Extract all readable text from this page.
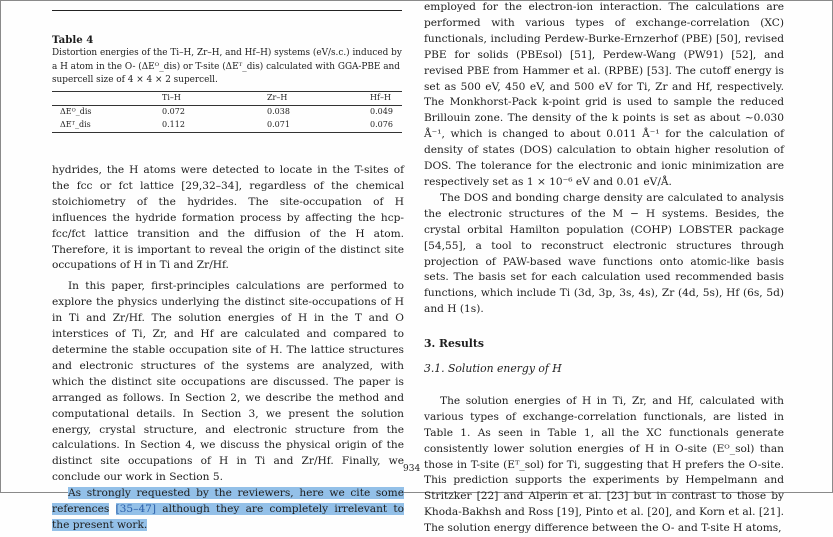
Table 4
Distortion energies of the Ti–H, Zr–H, and Hf–H) systems (eV/s.c.) induced by a H atom in the O- (ΔEᴼ_dis) or T-site (ΔEᵀ_dis) calculated with GGA-PBE and supercell size of 4 × 4 × 2 supercell.
Ti–H	Zr–H	Hf–H
ΔEᴼ_dis	0.072	0.038	0.049
ΔEᵀ_dis	0.112	0.071	0.076

hydrides, the H atoms were detected to locate in the T-sites of the fcc or fct lattice [29,32–34], regardless of the chemical stoichiometry of the hydrides. The site-occupation of H influences the hydride formation process by affecting the hcp-fcc/fct lattice transition and the diffusion of the H atom. Therefore, it is important to reveal the origin of the distinct site occupations of H in Ti and Zr/Hf.

In this paper, first-principles calculations are performed to explore the physics underlying the distinct site-occupations of H in Ti and Zr/Hf. The solution energies of H in the T and O interstices of Ti, Zr, and Hf are calculated and compared to determine the stable occupation site of H. The lattice structures and electronic structures of the systems are analyzed, with which the distinct site occupations are discussed. The paper is arranged as follows. In Section 2, we describe the method and computational details. In Section 3, we present the solution energy, crystal structure, and electronic structure from the calculations. In Section 4, we discuss the physical origin of the distinct site occupations of H in Ti and Zr/Hf. Finally, we conclude our work in Section 5.

As strongly requested by the reviewers, here we cite some references [35–47] although they are completely irrelevant to the present work.

employed for the electron-ion interaction. The calculations are performed with various types of exchange-correlation (XC) functionals, including Perdew-Burke-Ernzerhof (PBE) [50], revised PBE for solids (PBEsol) [51], Perdew-Wang (PW91) [52], and revised PBE from Hammer et al. (RPBE) [53]. The cutoff energy is set as 500 eV, 450 eV, and 500 eV for Ti, Zr and Hf, respectively. The Monkhorst-Pack k-point grid is used to sample the reduced Brillouin zone. The density of the k points is set as about ~0.030 Å⁻¹, which is changed to about 0.011 Å⁻¹ for the calculation of density of states (DOS) calculation to obtain higher resolution of DOS. The tolerance for the electronic and ionic minimization are respectively set as 1 × 10⁻⁶ eV and 0.01 eV/Å.

The DOS and bonding charge density are calculated to analysis the electronic structures of the M − H systems. Besides, the crystal orbital Hamilton population (COHP) LOBSTER package [54,55], a tool to reconstruct electronic structures through projection of PAW-based wave functions onto atomic-like basis sets. The basis set for each calculation used recommended basis functions, which include Ti (3d, 3p, 3s, 4s), Zr (4d, 5s), Hf (6s, 5d) and H (1s).

3. Results
3.1. Solution energy of H

The solution energies of H in Ti, Zr, and Hf, calculated with various types of exchange-correlation functionals, are listed in Table 1. As seen in Table 1, all the XC functionals generate consistently lower solution energies of H in O-site (Eᴼ_sol) than those in T-site (Eᵀ_sol) for Ti, suggesting that H prefers the O-site. This prediction supports the experiments by Hempelmann and Stritzker [22] and Alperin et al. [23] but in contrast to those by Khoda-Bakhsh and Ross [19], Pinto et al. [20], and Korn et al. [21]. The solution energy difference between the O- and T-site H atoms,

934
